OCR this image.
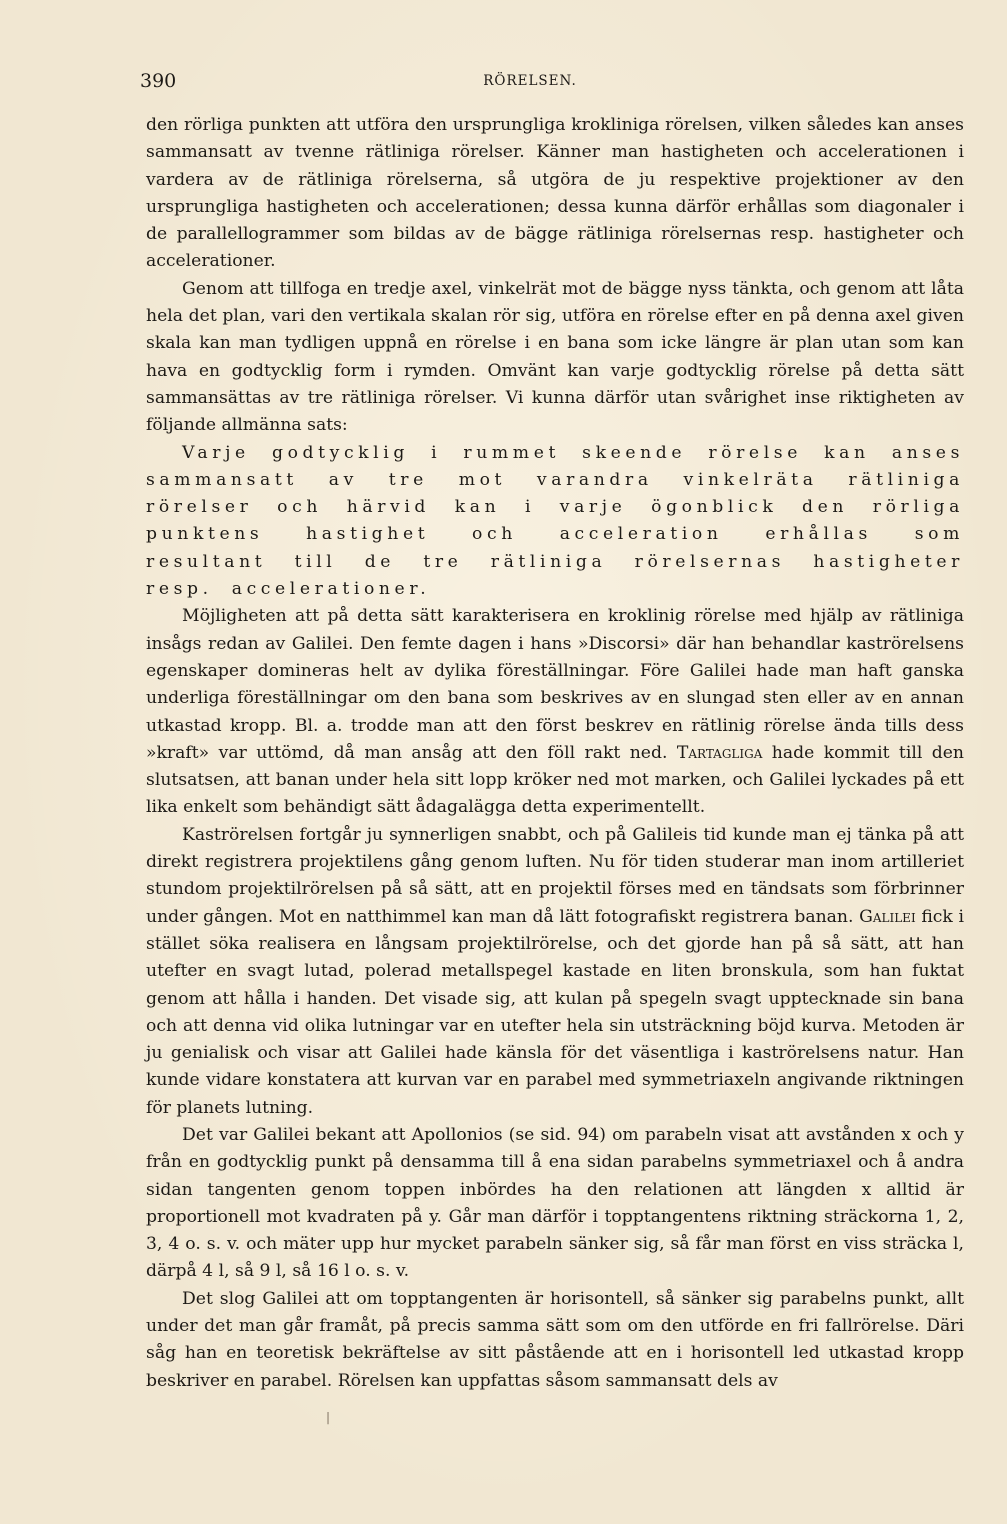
390	RÖRELSEN.

den rörliga punkten att utföra den ursprungliga krokliniga rörelsen, vilken således kan anses sammansatt av tvenne rätliniga rörelser. Känner man hastigheten och accelerationen i vardera av de rätliniga rörelserna, så utgöra de ju respektive projektioner av den ursprungliga hastigheten och accelerationen; dessa kunna därför erhållas som diagonaler i de parallellogrammer som bildas av de bägge rätliniga rörelsernas resp. hastigheter och accelerationer.

Genom att tillfoga en tredje axel, vinkelrät mot de bägge nyss tänkta, och genom att låta hela det plan, vari den vertikala skalan rör sig, utföra en rörelse efter en på denna axel given skala kan man tydligen uppnå en rörelse i en bana som icke längre är plan utan som kan hava en godtycklig form i rymden. Omvänt kan varje godtycklig rörelse på detta sätt sammansättas av tre rätliniga rörelser. Vi kunna därför utan svårighet inse riktigheten av följande allmänna sats:

Varje godtycklig i rummet skeende rörelse kan anses sammansatt av tre mot varandra vinkelräta rätliniga rörelser och härvid kan i varje ögonblick den rörliga punktens hastighet och acceleration erhållas som resultant till de tre rätliniga rörelsernas hastigheter resp. accelerationer.

Möjligheten att på detta sätt karakterisera en kroklinig rörelse med hjälp av rätliniga insågs redan av Galilei. Den femte dagen i hans »Discorsi» där han behandlar kaströrelsens egenskaper domineras helt av dylika föreställningar. Före Galilei hade man haft ganska underliga föreställningar om den bana som beskrives av en slungad sten eller av en annan utkastad kropp. Bl. a. trodde man att den först beskrev en rätlinig rörelse ända tills dess »kraft» var uttömd, då man ansåg att den föll rakt ned. Tartagliga hade kommit till den slutsatsen, att banan under hela sitt lopp kröker ned mot marken, och Galilei lyckades på ett lika enkelt som behändigt sätt ådagalägga detta experimentellt.

Kaströrelsen fortgår ju synnerligen snabbt, och på Galileis tid kunde man ej tänka på att direkt registrera projektilens gång genom luften. Nu för tiden studerar man inom artilleriet stundom projektilrörelsen på så sätt, att en projektil förses med en tändsats som förbrinner under gången. Mot en natthimmel kan man då lätt fotografiskt registrera banan. Galilei fick i stället söka realisera en långsam projektilrörelse, och det gjorde han på så sätt, att han utefter en svagt lutad, polerad metallspegel kastade en liten bronskula, som han fuktat genom att hålla i handen. Det visade sig, att kulan på spegeln svagt upptecknade sin bana och att denna vid olika lutningar var en utefter hela sin utsträckning böjd kurva. Metoden är ju genialisk och visar att Galilei hade känsla för det väsentliga i kaströrelsens natur. Han kunde vidare konstatera att kurvan var en parabel med symmetriaxeln angivande riktningen för planets lutning.

Det var Galilei bekant att Apollonios (se sid. 94) om parabeln visat att avstånden x och y från en godtycklig punkt på densamma till å ena sidan parabelns symmetriaxel och å andra sidan tangenten genom toppen inbördes ha den relationen att längden x alltid är proportionell mot kvadraten på y. Går man därför i topptangentens riktning sträckorna 1, 2, 3, 4 o. s. v. och mäter upp hur mycket parabeln sänker sig, så får man först en viss sträcka l, därpå 4 l, så 9 l, så 16 l o. s. v.

Det slog Galilei att om topptangenten är horisontell, så sänker sig parabelns punkt, allt under det man går framåt, på precis samma sätt som om den utförde en fri fallrörelse. Däri såg han en teoretisk bekräftelse av sitt påstående att en i horisontell led utkastad kropp beskriver en parabel. Rörelsen kan uppfattas såsom sammansatt dels av

|
